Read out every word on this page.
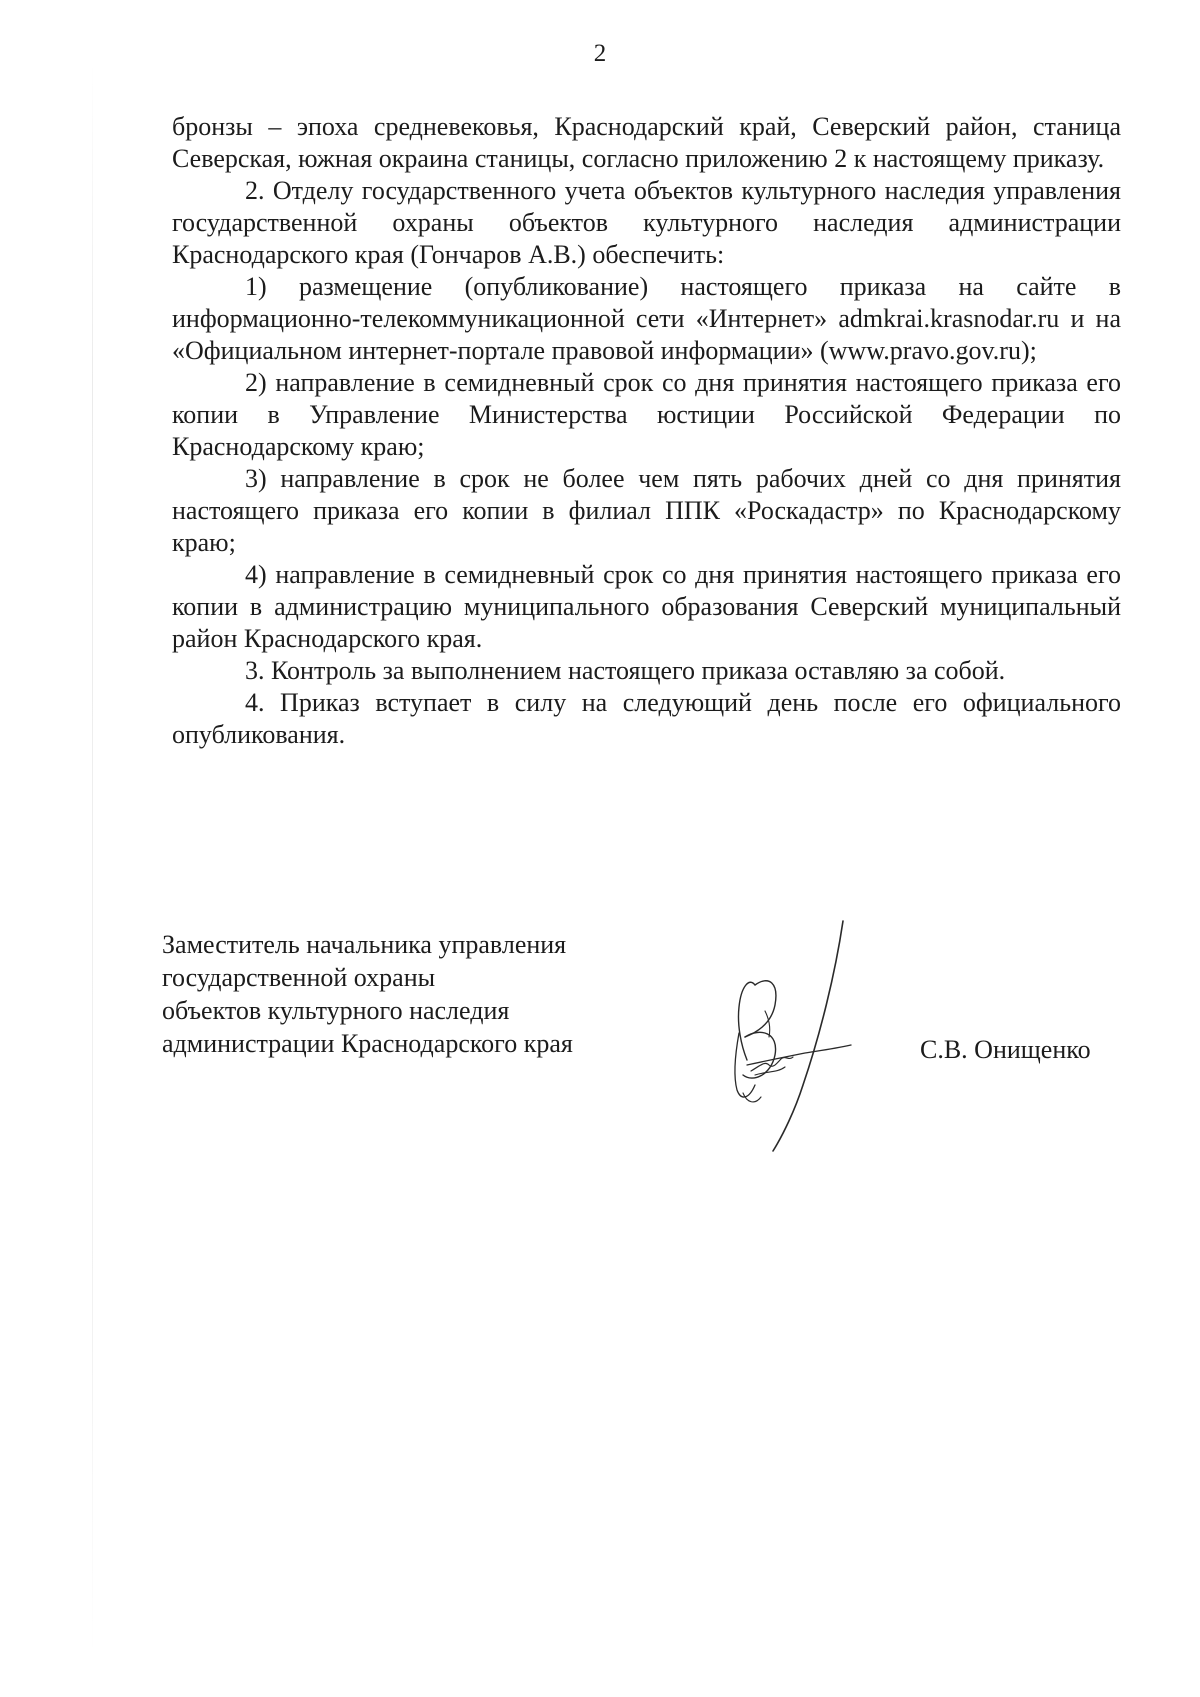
2

бронзы – эпоха средневековья, Краснодарский край, Северский район, станица Северская, южная окраина станицы, согласно приложению 2 к настоящему приказу.

2. Отделу государственного учета объектов культурного наследия управления государственной охраны объектов культурного наследия администрации Краснодарского края (Гончаров А.В.) обеспечить:

1) размещение (опубликование) настоящего приказа на сайте в информационно-телекоммуникационной сети «Интернет» admkrai.krasnodar.ru и на «Официальном интернет-портале правовой информации» (www.pravo.gov.ru);

2) направление в семидневный срок со дня принятия настоящего приказа его копии в Управление Министерства юстиции Российской Федерации по Краснодарскому краю;

3) направление в срок не более чем пять рабочих дней со дня принятия настоящего приказа его копии в филиал ППК «Роскадастр» по Краснодарскому краю;

4) направление в семидневный срок со дня принятия настоящего приказа его копии в администрацию муниципального образования Северский муниципальный район Краснодарского края.

3. Контроль за выполнением настоящего приказа оставляю за собой.

4. Приказ вступает в силу на следующий день после его официального опубликования.

Заместитель начальника управления
государственной охраны
объектов культурного наследия
администрации Краснодарского края	С.В. Онищенко
